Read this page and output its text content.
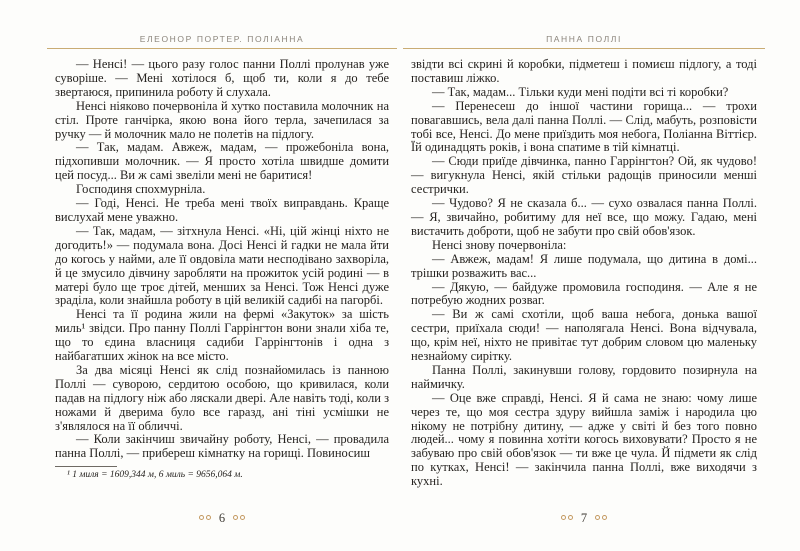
ЕЛЕОНОР ПОРТЕР. ПОЛІАННА

— Ненсі! — цього разу голос панни Поллі пролунав уже суворіше. — Мені хотілося б, щоб ти, коли я до тебе звертаюся, припинила роботу й слухала.

Ненсі ніяково почервоніла й хутко поставила молочник на стіл. Проте ганчірка, якою вона його терла, зачепилася за ручку — й молочник мало не полетів на підлогу.

— Так, мадам. Авжеж, мадам, — прожебоніла вона, підхопивши молочник. — Я просто хотіла швидше домити цей посуд... Ви ж самі звеліли мені не баритися!

Господиня спохмурніла.

— Годі, Ненсі. Не треба мені твоїх виправдань. Краще вислухай мене уважно.

— Так, мадам, — зітхнула Ненсі. «Ні, цій жінці ніхто не догодить!» — подумала вона. Досі Ненсі й гадки не мала йти до когось у найми, але її овдовіла мати несподівано захворіла, й це змусило дівчину заробляти на прожиток усій родині — в матері було ще троє дітей, менших за Ненсі. Тож Ненсі дуже зраділа, коли знайшла роботу в цій великій садибі на пагорбі.

Ненсі та її родина жили на фермі «Закуток» за шість миль¹ звідси. Про панну Поллі Гаррінгтон вони знали хіба те, що то єдина власниця садиби Гаррінгтонів і одна з найбагатших жінок на все місто.

За два місяці Ненсі як слід познайомилась із панною Поллі — суворою, сердитою особою, що кривилася, коли падав на підлогу ніж або ляскали двері. Але навіть тоді, коли з ножами й дверима було все гаразд, ані тіні усмішки не з'являлося на її обличчі.

— Коли закінчиш звичайну роботу, Ненсі, — провадила панна Поллі, — прибереш кімнатку на горищі. Повиносиш

¹ 1 миля = 1609,344 м, 6 миль = 9656,064 м.

6
ПАННА ПОЛЛІ

звідти всі скрині й коробки, підметеш і помиєш підлогу, а тоді поставиш ліжко.

— Так, мадам... Тільки куди мені подіти всі ті коробки?

— Перенесеш до іншої частини горища... — трохи повагавшись, вела далі панна Поллі. — Слід, мабуть, розповісти тобі все, Ненсі. До мене приїздить моя небога, Поліанна Віттієр. Їй одинадцять років, і вона спатиме в тій кімнатці.

— Сюди приїде дівчинка, панно Гаррінгтон? Ой, як чудово! — вигукнула Ненсі, якій стільки радощів приносили менші сестрички.

— Чудово? Я не сказала б... — сухо озвалася панна Поллі. — Я, звичайно, робитиму для неї все, що можу. Гадаю, мені вистачить доброти, щоб не забути про свій обов'язок.

Ненсі знову почервоніла:

— Авжеж, мадам! Я лише подумала, що дитина в домі... трішки розважить вас...

— Дякую, — байдуже промовила господиня. — Але я не потребую жодних розваг.

— Ви ж самі схотіли, щоб ваша небога, донька вашої сестри, приїхала сюди! — наполягала Ненсі. Вона відчувала, що, крім неї, ніхто не привітає тут добрим словом цю маленьку незнайому сирітку.

Панна Поллі, закинувши голову, гордовито позирнула на наймичку.

— Оце вже справді, Ненсі. Я й сама не знаю: чому лише через те, що моя сестра здуру вийшла заміж і народила цю нікому не потрібну дитину, — адже у світі й без того повно людей... чому я повинна хотіти когось виховувати? Просто я не забуваю про свій обов'язок — ти вже це чула. Й підмети як слід по кутках, Ненсі! — закінчила панна Поллі, вже виходячи з кухні.

7
